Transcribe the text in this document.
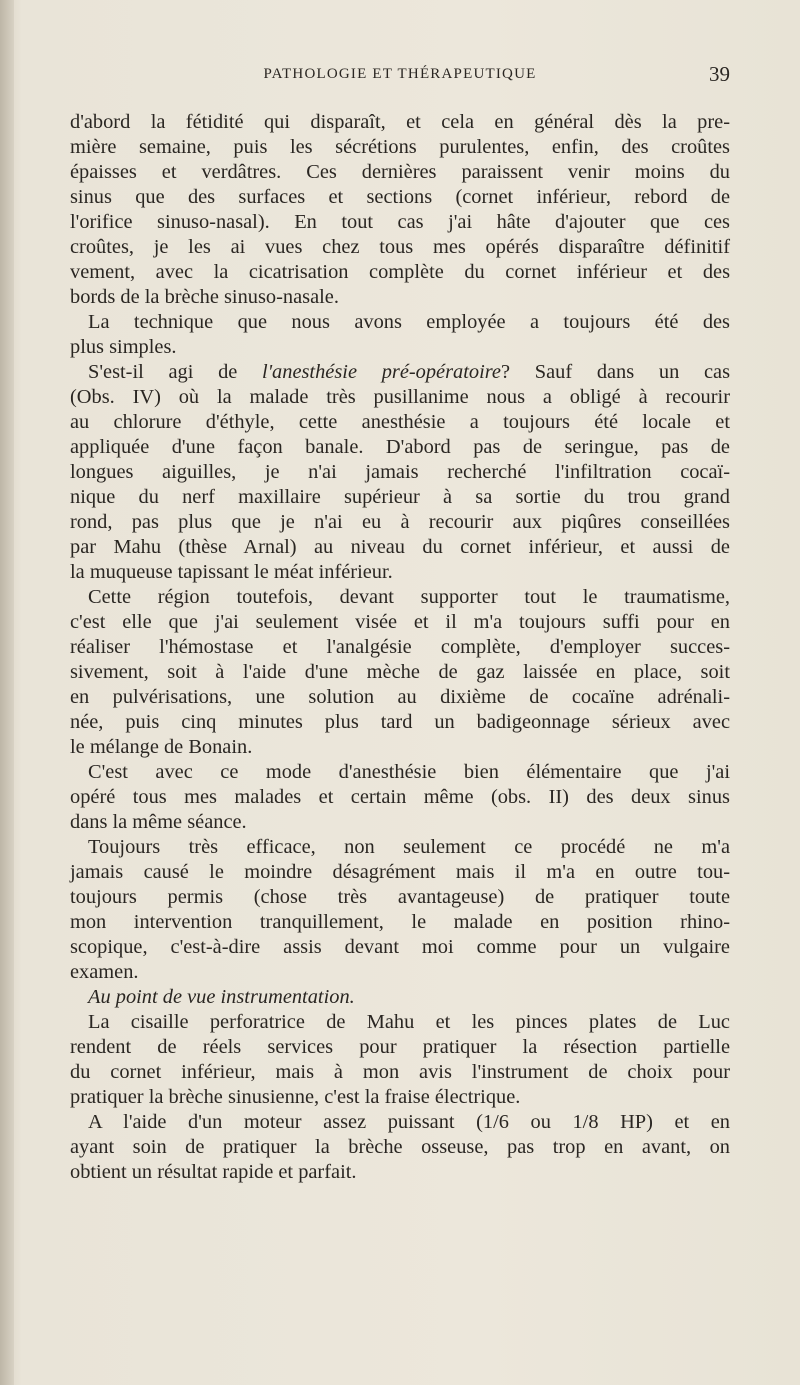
PATHOLOGIE ET THÉRAPEUTIQUE	39

d'abord la fétidité qui disparaît, et cela en général dès la pre-
mière semaine, puis les sécrétions purulentes, enfin, des croûtes
épaisses et verdâtres. Ces dernières paraissent venir moins du
sinus que des surfaces et sections (cornet inférieur, rebord de
l'orifice sinuso-nasal). En tout cas j'ai hâte d'ajouter que ces
croûtes, je les ai vues chez tous mes opérés disparaître définitif
vement, avec la cicatrisation complète du cornet inférieur et des
bords de la brèche sinuso-nasale.

La technique que nous avons employée a toujours été des
plus simples.

S'est-il agi de l'anesthésie pré-opératoire? Sauf dans un cas
(Obs. IV) où la malade très pusillanime nous a obligé à recourir
au chlorure d'éthyle, cette anesthésie a toujours été locale et
appliquée d'une façon banale. D'abord pas de seringue, pas de
longues aiguilles, je n'ai jamais recherché l'infiltration cocaï-
nique du nerf maxillaire supérieur à sa sortie du trou grand
rond, pas plus que je n'ai eu à recourir aux piqûres conseillées
par Mahu (thèse Arnal) au niveau du cornet inférieur, et aussi de
la muqueuse tapissant le méat inférieur.

Cette région toutefois, devant supporter tout le traumatisme,
c'est elle que j'ai seulement visée et il m'a toujours suffi pour en
réaliser l'hémostase et l'analgésie complète, d'employer succes-
sivement, soit à l'aide d'une mèche de gaz laissée en place, soit
en pulvérisations, une solution au dixième de cocaïne adrénali-
née, puis cinq minutes plus tard un badigeonnage sérieux avec
le mélange de Bonain.

C'est avec ce mode d'anesthésie bien élémentaire que j'ai
opéré tous mes malades et certain même (obs. II) des deux sinus
dans la même séance.

Toujours très efficace, non seulement ce procédé ne m'a
jamais causé le moindre désagrément mais il m'a en outre tou-
toujours permis (chose très avantageuse) de pratiquer toute
mon intervention tranquillement, le malade en position rhino-
scopique, c'est-à-dire assis devant moi comme pour un vulgaire
examen.

Au point de vue instrumentation.

La cisaille perforatrice de Mahu et les pinces plates de Luc
rendent de réels services pour pratiquer la résection partielle
du cornet inférieur, mais à mon avis l'instrument de choix pour
pratiquer la brèche sinusienne, c'est la fraise électrique.

A l'aide d'un moteur assez puissant (1/6 ou 1/8 HP) et en
ayant soin de pratiquer la brèche osseuse, pas trop en avant, on
obtient un résultat rapide et parfait.
